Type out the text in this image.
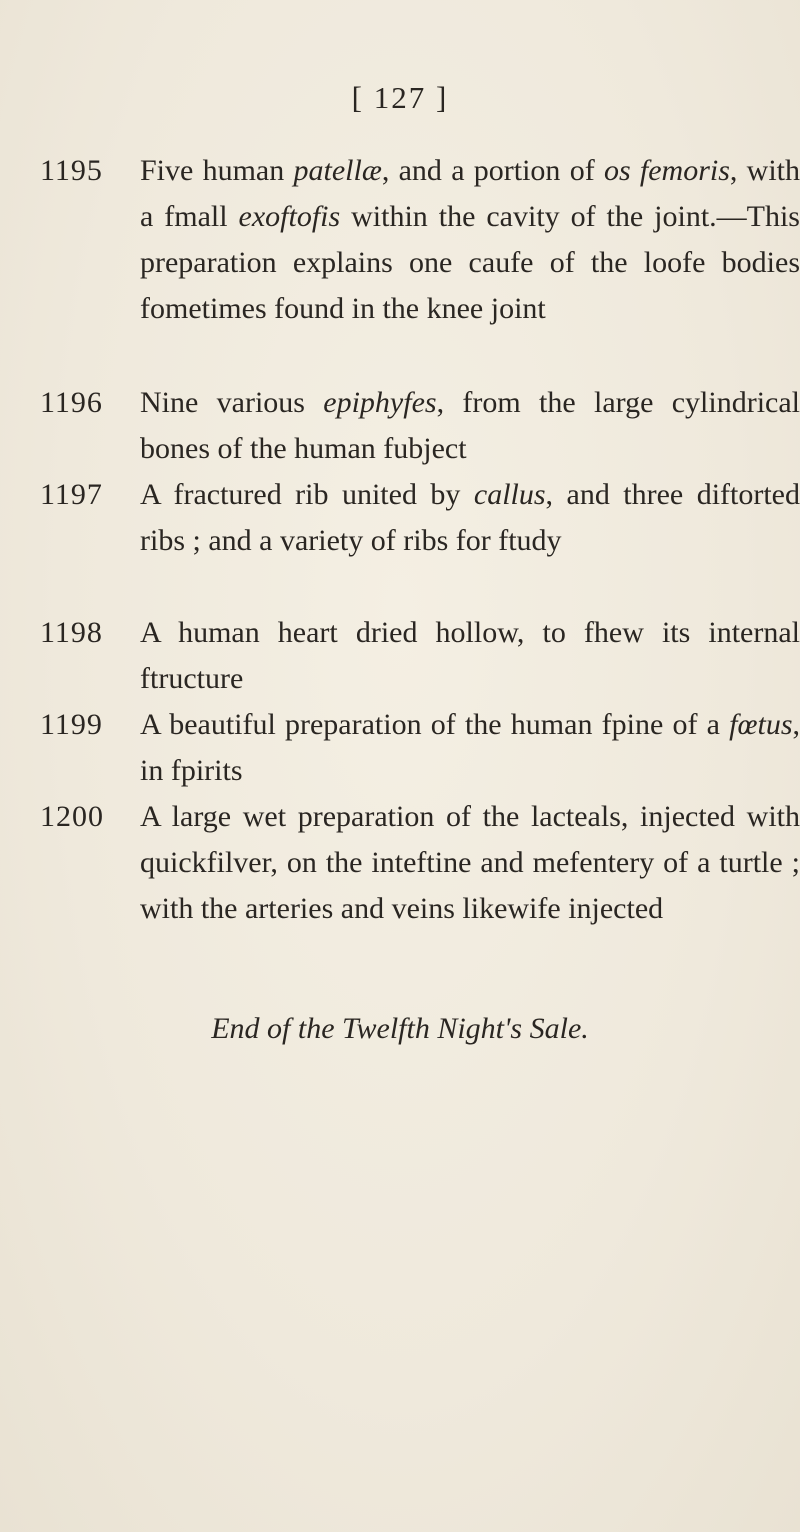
[ 127 ]
1195	Five human patellæ, and a portion of os femoris, with a fmall exoftofis within the cavity of the joint.—This preparation explains one caufe of the loofe bodies fometimes found in the knee joint
1196	Nine various epiphyfes, from the large cylindrical bones of the human fubject
1197	A fractured rib united by callus, and three diftorted ribs ; and a variety of ribs for ftudy
1198	A human heart dried hollow, to fhew its internal ftructure
1199	A beautiful preparation of the human fpine of a fœtus, in fpirits
1200	A large wet preparation of the lacteals, injected with quickfilver, on the inteftine and mefentery of a turtle ; with the arteries and veins likewife injected
End of the Twelfth Night's Sale.
